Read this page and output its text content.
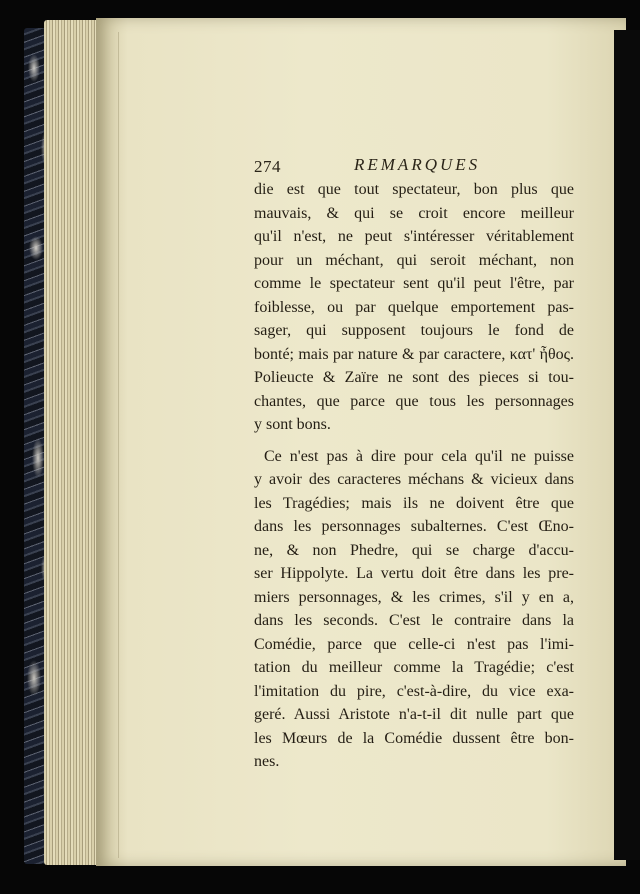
274	REMARQUES
die est que tout spectateur, bon plus que
mauvais, & qui se croit encore meilleur
qu'il n'est, ne peut s'intéresser véritablement
pour un méchant, qui seroit méchant, non
comme le spectateur sent qu'il peut l'être, par
foiblesse, ou par quelque emportement pas-
sager, qui supposent toujours le fond de
bonté; mais par nature & par caractere, κατ' ἦθος.
Polieucte & Zaïre ne sont des pieces si tou-
chantes, que parce que tous les personnages
y sont bons.
Ce n'est pas à dire pour cela qu'il ne puisse
y avoir des caracteres méchans & vicieux dans
les Tragédies; mais ils ne doivent être que
dans les personnages subalternes. C'est Œno-
ne, & non Phedre, qui se charge d'accu-
ser Hippolyte. La vertu doit être dans les pre-
miers personnages, & les crimes, s'il y en a,
dans les seconds. C'est le contraire dans la
Comédie, parce que celle-ci n'est pas l'imi-
tation du meilleur comme la Tragédie; c'est
l'imitation du pire, c'est-à-dire, du vice exa-
geré. Aussi Aristote n'a-t-il dit nulle part que
les Mœurs de la Comédie dussent être bon-
nes.
